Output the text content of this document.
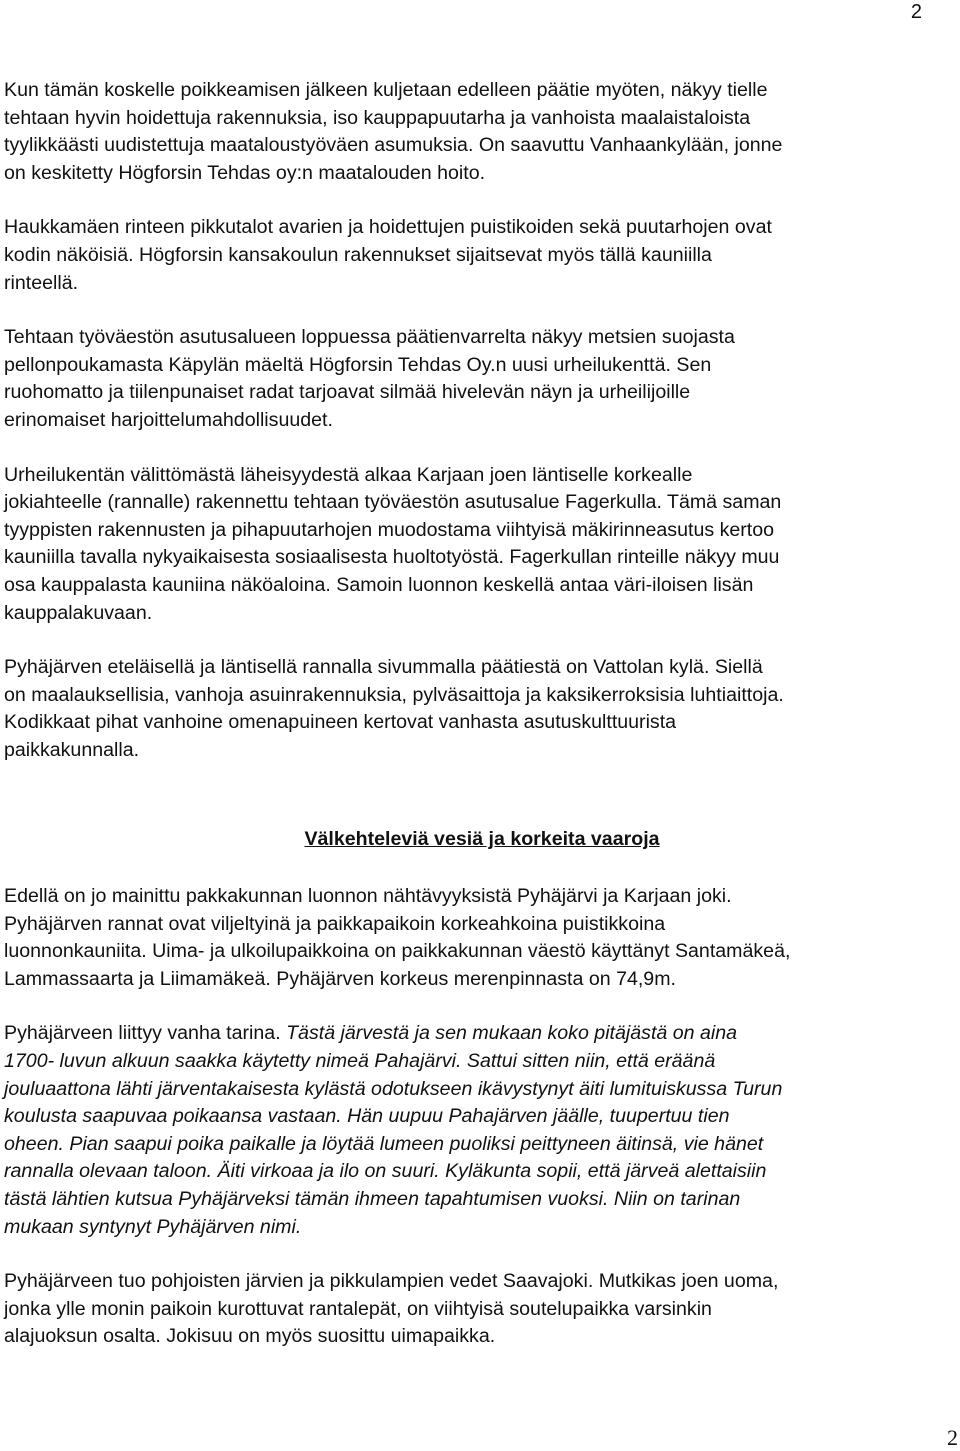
2

Kun tämän koskelle poikkeamisen jälkeen kuljetaan edelleen päätie myöten, näkyy tielle
tehtaan hyvin hoidettuja rakennuksia, iso kauppapuutarha ja vanhoista maalaistaloista
tyylikkäästi uudistettuja maataloustyöväen asumuksia. On saavuttu Vanhaankylään, jonne
on keskitetty Högforsin Tehdas oy:n maatalouden hoito.

Haukkamäen rinteen pikkutalot avarien ja hoidettujen puistikoiden sekä puutarhojen ovat
kodin näköisiä. Högforsin kansakoulun rakennukset sijaitsevat myös tällä kauniilla
rinteellä.

Tehtaan työväestön asutusalueen loppuessa päätienvarrelta näkyy metsien suojasta
pellonpoukamasta Käpylän mäeltä Högforsin Tehdas Oy.n uusi urheilukenttä. Sen
ruohomatto ja tiilenpunaiset radat tarjoavat silmää hivelevän näyn ja urheilijoille
erinomaiset harjoittelumahdollisuudet.

Urheilukentän välittömästä läheisyydestä alkaa Karjaan joen läntiselle korkealle
jokiahteelle (rannalle) rakennettu tehtaan työväestön asutusalue Fagerkulla. Tämä saman
tyyppisten rakennusten ja pihapuutarhojen muodostama viihtyisä mäkirinneasutus kertoo
kauniilla tavalla nykyaikaisesta sosiaalisesta huoltotyöstä. Fagerkullan rinteille näkyy muu
osa kauppalasta kauniina näköaloina. Samoin luonnon keskellä antaa väri-iloisen lisän
kauppalakuvaan.

Pyhäjärven eteläisellä ja läntisellä rannalla sivummalla päätiestä on Vattolan kylä. Siellä
on maalauksellisia, vanhoja asuinrakennuksia, pylväsaittoja ja kaksikerroksisia luhtiaittoja.
Kodikkaat pihat vanhoine omenapuineen kertovat vanhasta asutuskulttuurista
paikkakunnalla.

Välkehteleviä vesiä ja korkeita vaaroja

Edellä on jo mainittu pakkakunnan luonnon nähtävyyksistä Pyhäjärvi ja Karjaan joki.
Pyhäjärven rannat ovat viljeltyinä ja paikkapaikoin korkeahkoina puistikkoina
luonnonkauniita. Uima- ja ulkoilupaikkoina on paikkakunnan väestö käyttänyt Santamäkeä,
Lammassaarta ja Liimamäkeä. Pyhäjärven korkeus merenpinnasta on 74,9m.

Pyhäjärveen liittyy vanha tarina. Tästä järvestä ja sen mukaan koko pitäjästä on aina
1700- luvun alkuun saakka käytetty nimeä Pahajärvi. Sattui sitten niin, että eräänä
jouluaattona lähti järventakaisesta kylästä odotukseen ikävystynyt äiti lumituiskussa Turun
koulusta saapuvaa poikaansa vastaan. Hän uupuu Pahajärven jäälle, tuupertuu tien
oheen. Pian saapui poika paikalle ja löytää lumeen puoliksi peittyneen äitinsä, vie hänet
rannalla olevaan taloon. Äiti virkoaa ja ilo on suuri. Kyläkunta sopii, että järveä alettaisiin
tästä lähtien kutsua Pyhäjärveksi tämän ihmeen tapahtumisen vuoksi. Niin on tarinan
mukaan syntynyt Pyhäjärven nimi.

Pyhäjärveen tuo pohjoisten järvien ja pikkulampien vedet Saavajoki. Mutkikas joen uoma,
jonka ylle monin paikoin kurottuvat rantalepät, on viihtyisä soutelupaikka varsinkin
alajuoksun osalta. Jokisuu on myös suosittu uimapaikka.

2
